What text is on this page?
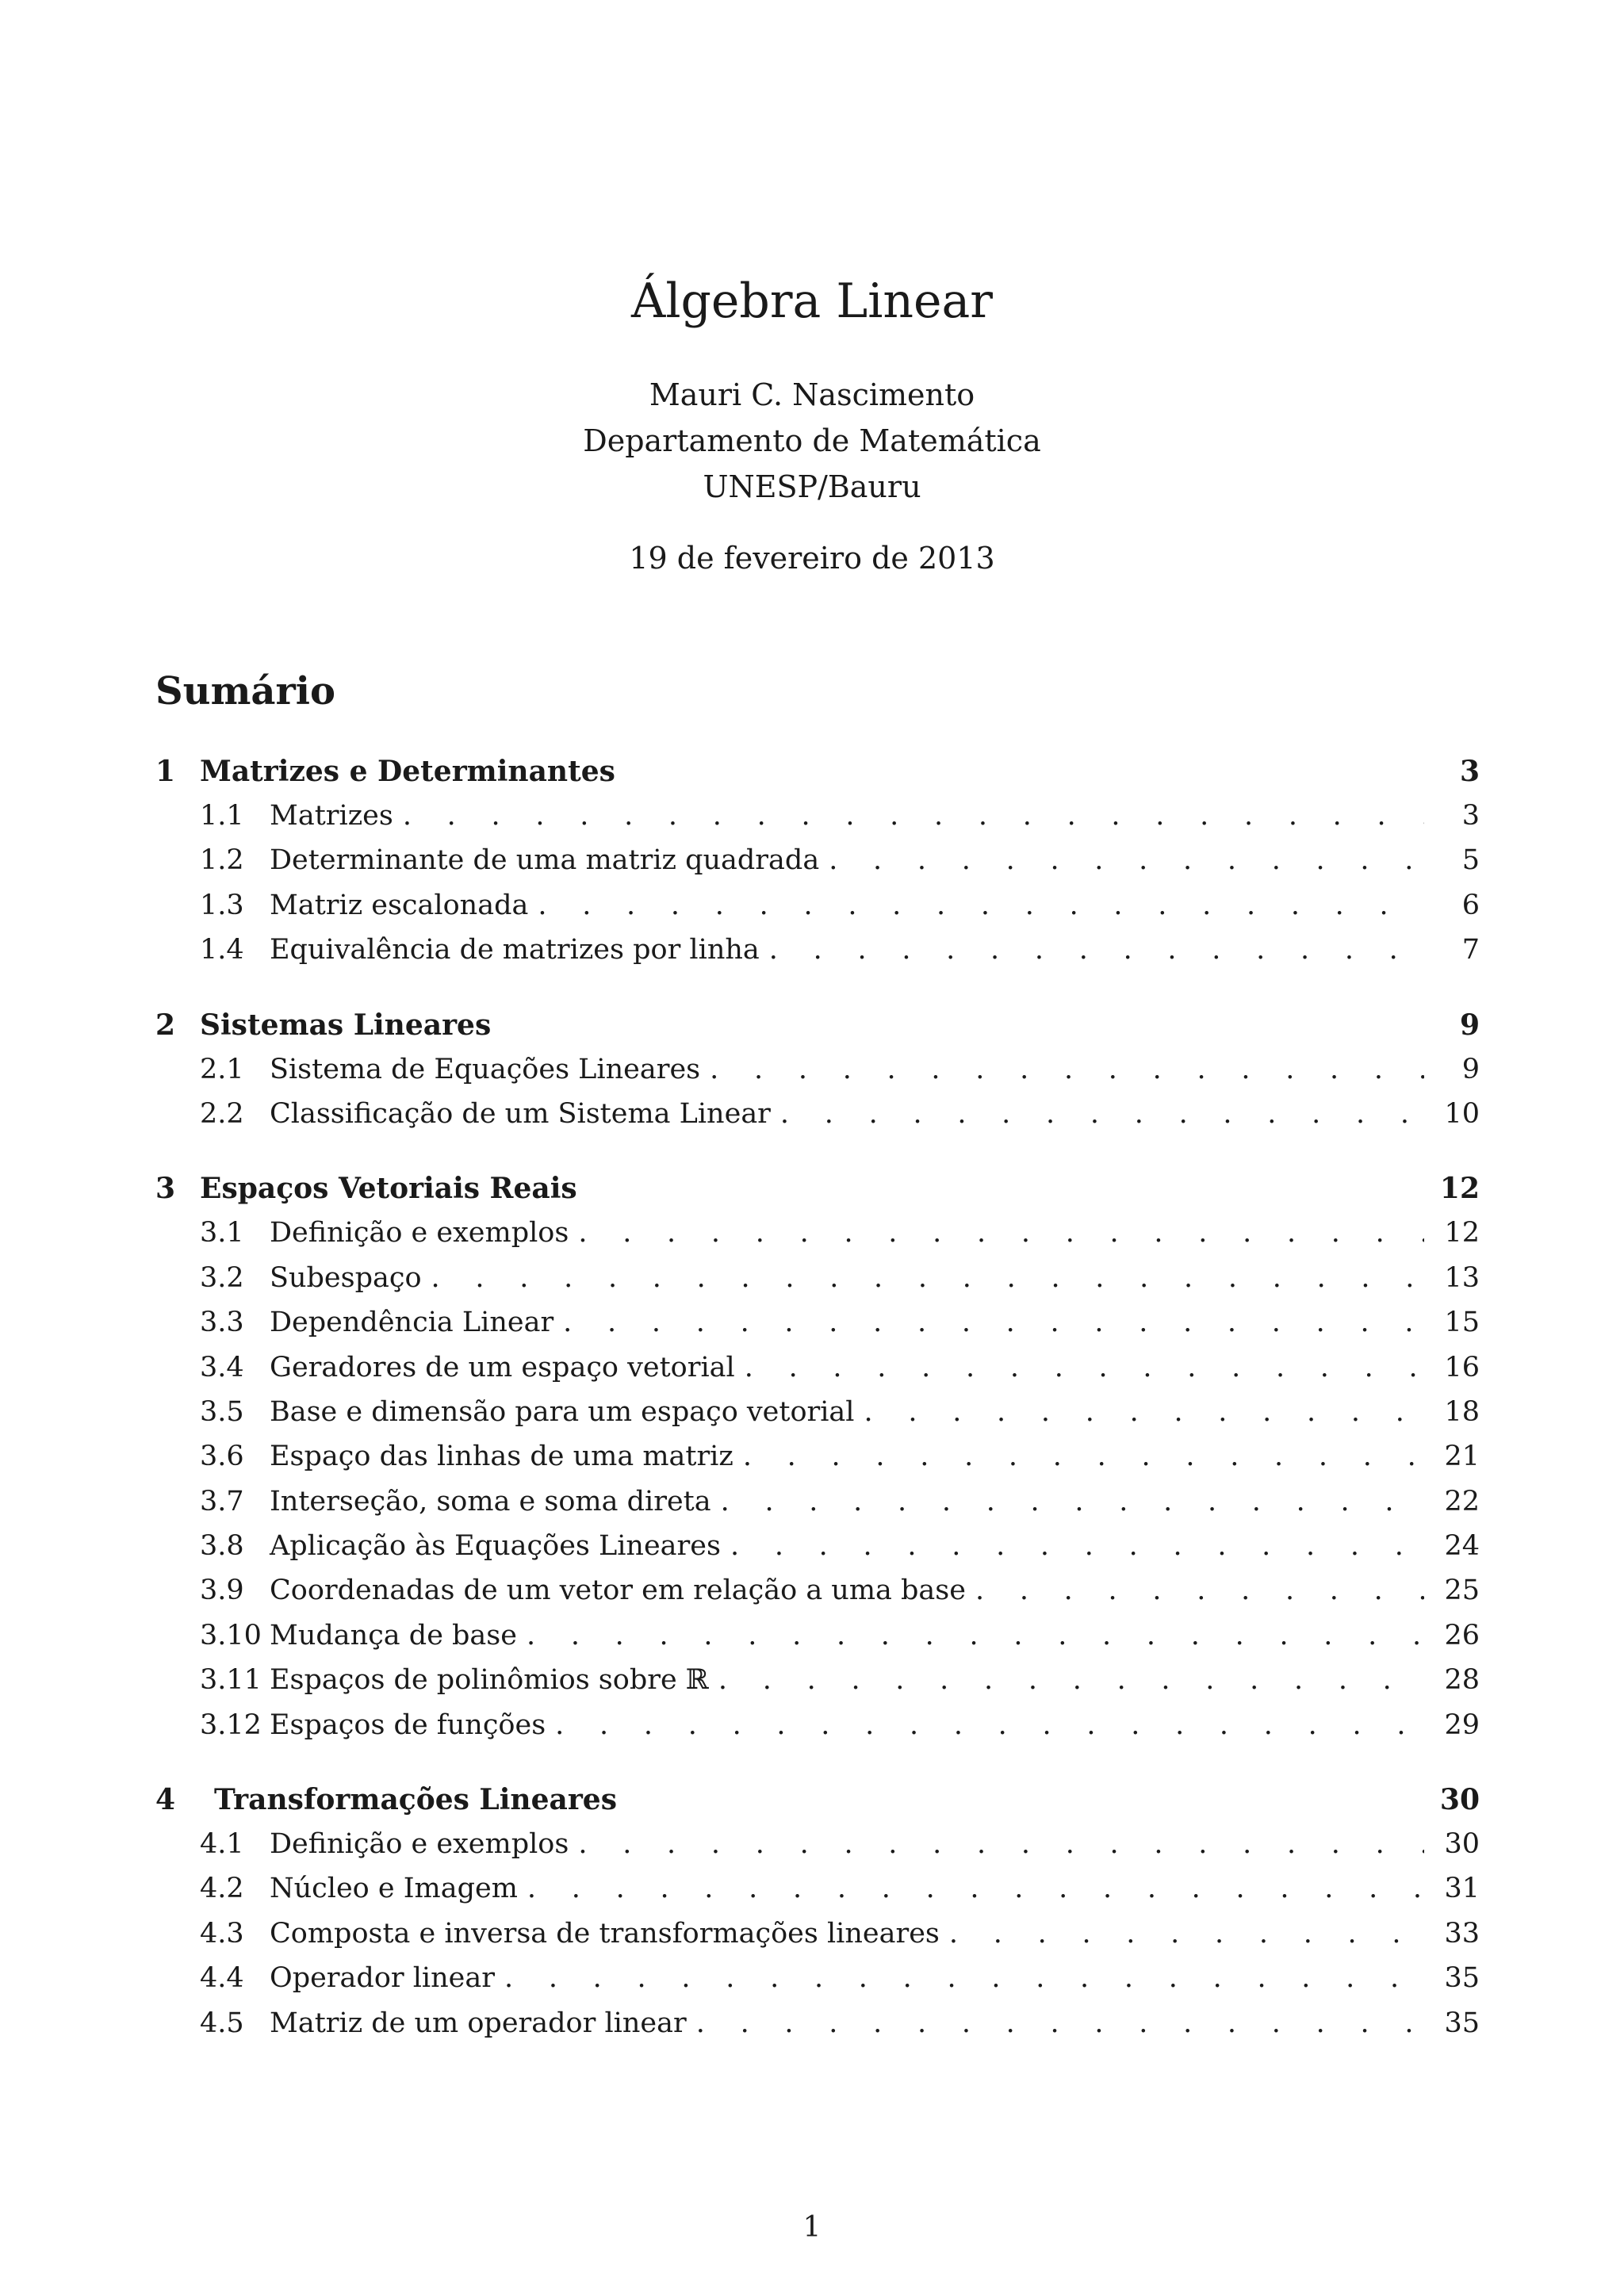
Álgebra Linear
Mauri C. Nascimento
Departamento de Matemática
UNESP/Bauru
19 de fevereiro de 2013
Sumário
1 Matrizes e Determinantes	3
1.1 Matrizes . . .	3
1.2 Determinante de uma matriz quadrada . . .	5
1.3 Matriz escalonada . . .	6
1.4 Equivalência de matrizes por linha . . .	7
2 Sistemas Lineares	9
2.1 Sistema de Equações Lineares . . .	9
2.2 Classificação de um Sistema Linear . . .	10
3 Espaços Vetoriais Reais	12
3.1 Definição e exemplos . . .	12
3.2 Subespaço . . .	13
3.3 Dependência Linear . . .	15
3.4 Geradores de um espaço vetorial . . .	16
3.5 Base e dimensão para um espaço vetorial . . .	18
3.6 Espaço das linhas de uma matriz . . .	21
3.7 Interseção, soma e soma direta . . .	22
3.8 Aplicação às Equações Lineares . . .	24
3.9 Coordenadas de um vetor em relação a uma base . . .	25
3.10 Mudança de base . . .	26
3.11 Espaços de polinômios sobre ℝ . . .	28
3.12 Espaços de funções . . .	29
4	Transformações Lineares	30
4.1 Definição e exemplos . . .	30
4.2 Núcleo e Imagem . . .	31
4.3 Composta e inversa de transformações lineares . . .	33
4.4 Operador linear . . .	35
4.5 Matriz de um operador linear . . .	35
1
